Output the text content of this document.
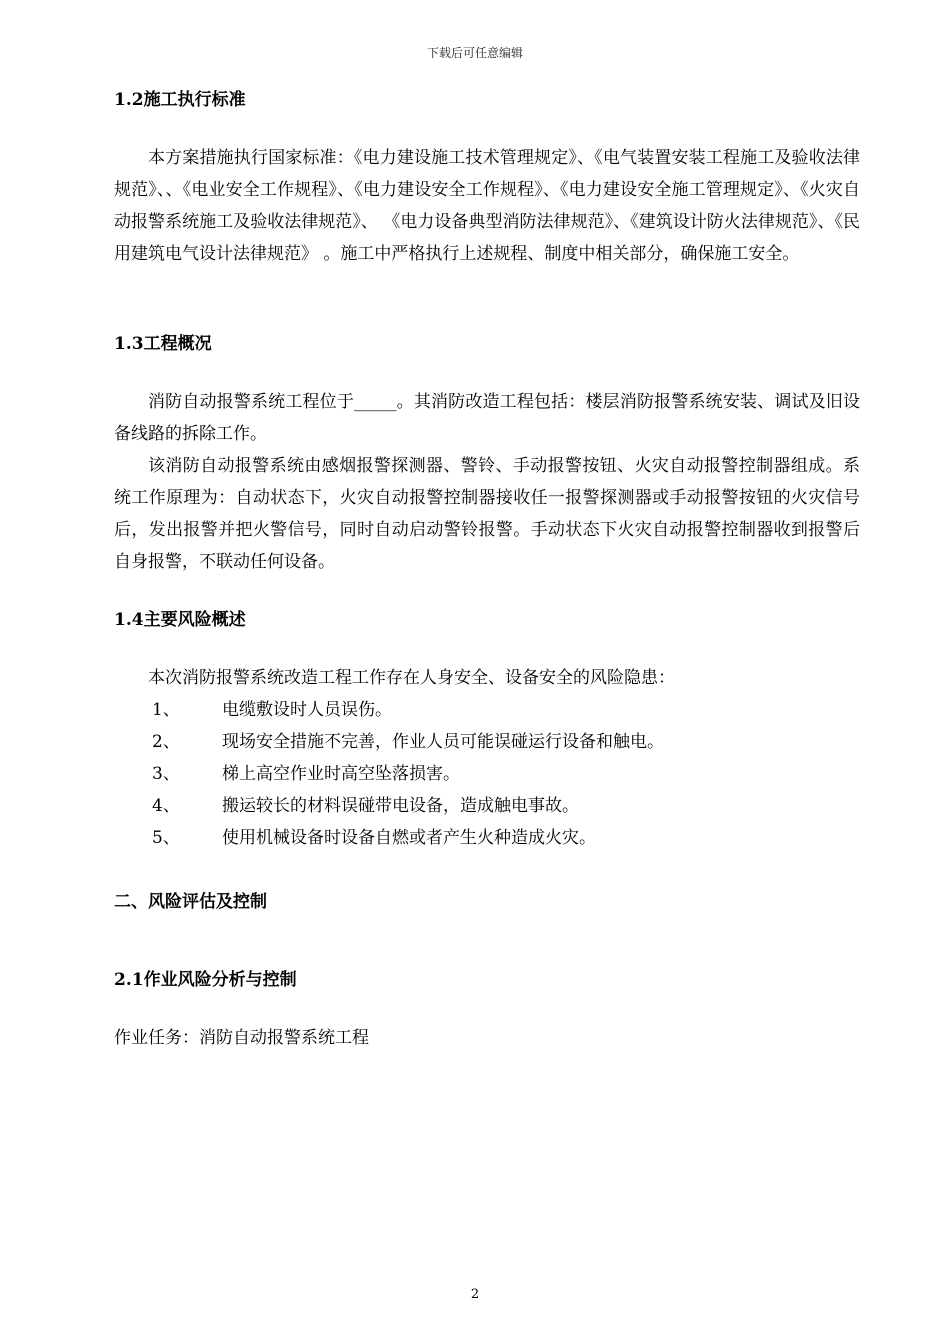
下载后可任意编辑

1.2施工执行标准

本方案措施执行国家标准：《电力建设施工技术管理规定》、《电气装置安装工程施工及验收法律规范》、、《电业安全工作规程》、《电力建设安全工作规程》、《电力建设安全施工管理规定》、《火灾自动报警系统施工及验收法律规范》、 《电力设备典型消防法律规范》、《建筑设计防火法律规范》、《民用建筑电气设计法律规范》 。施工中严格执行上述规程、制度中相关部分，确保施工安全。

1.3工程概况

消防自动报警系统工程位于_____。其消防改造工程包括：楼层消防报警系统安装、调试及旧设备线路的拆除工作。

该消防自动报警系统由感烟报警探测器、警铃、手动报警按钮、火灾自动报警控制器组成。系统工作原理为：自动状态下，火灾自动报警控制器接收任一报警探测器或手动报警按钮的火灾信号后，发出报警并把火警信号，同时自动启动警铃报警。手动状态下火灾自动报警控制器收到报警后自身报警，不联动任何设备。

1.4主要风险概述

本次消防报警系统改造工程工作存在人身安全、设备安全的风险隐患：

1、	电缆敷设时人员误伤。
2、	现场安全措施不完善，作业人员可能误碰运行设备和触电。
3、	梯上高空作业时高空坠落损害。
4、	搬运较长的材料误碰带电设备，造成触电事故。
5、	使用机械设备时设备自燃或者产生火种造成火灾。

二、风险评估及控制

2.1作业风险分析与控制

作业任务：消防自动报警系统工程

2
